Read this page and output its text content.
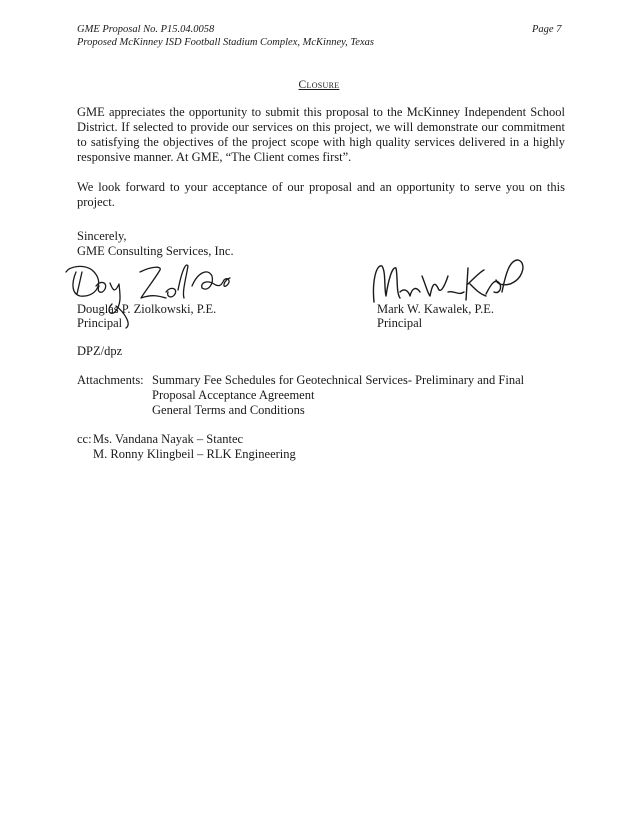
GME Proposal No. P15.04.0058
Proposed McKinney ISD Football Stadium Complex, McKinney, Texas
Page 7
Closure
GME appreciates the opportunity to submit this proposal to the McKinney Independent School District. If selected to provide our services on this project, we will demonstrate our commitment to satisfying the objectives of the project scope with high quality services delivered in a highly responsive manner. At GME, “The Client comes first”.
We look forward to your acceptance of our proposal and an opportunity to serve you on this project.
Sincerely,
GME Consulting Services, Inc.
Douglas P. Ziolkowski, P.E.
Principal
Mark W. Kawalek, P.E.
Principal
DPZ/dpz
Attachments: Summary Fee Schedules for Geotechnical Services- Preliminary and Final
Proposal Acceptance Agreement
General Terms and Conditions
cc: Ms. Vandana Nayak – Stantec
M. Ronny Klingbeil – RLK Engineering
